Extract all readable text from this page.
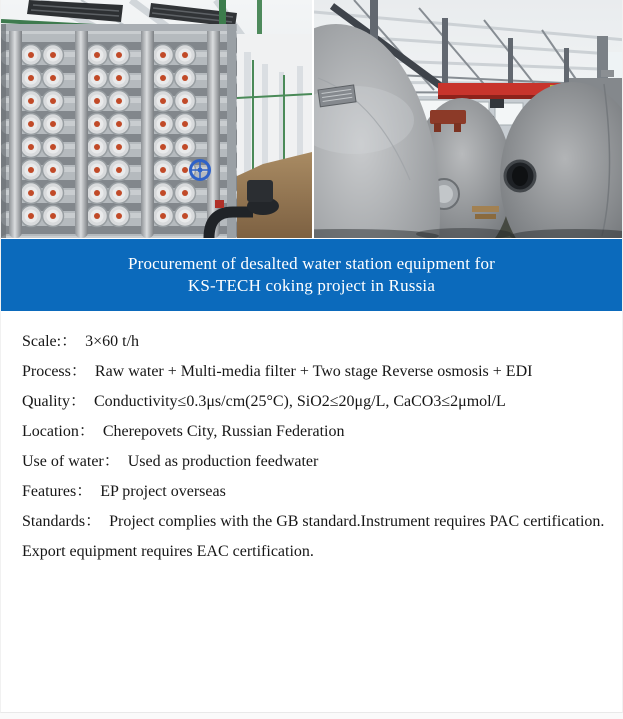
Procurement of desalted water station equipment for
KS-TECH coking project in Russia

Scale:： 3×60 t/h

Process： Raw water + Multi-media filter + Two stage Reverse osmosis + EDI

Quality： Conductivity≤0.3μs/cm(25°C), SiO2≤20μg/L, CaCO3≤2μmol/L

Location： Cherepovets City, Russian Federation

Use of water： Used as production feedwater

Features： EP project overseas

Standards： Project complies with the GB standard.Instrument requires PAC certification.

Export equipment requires EAC certification.
